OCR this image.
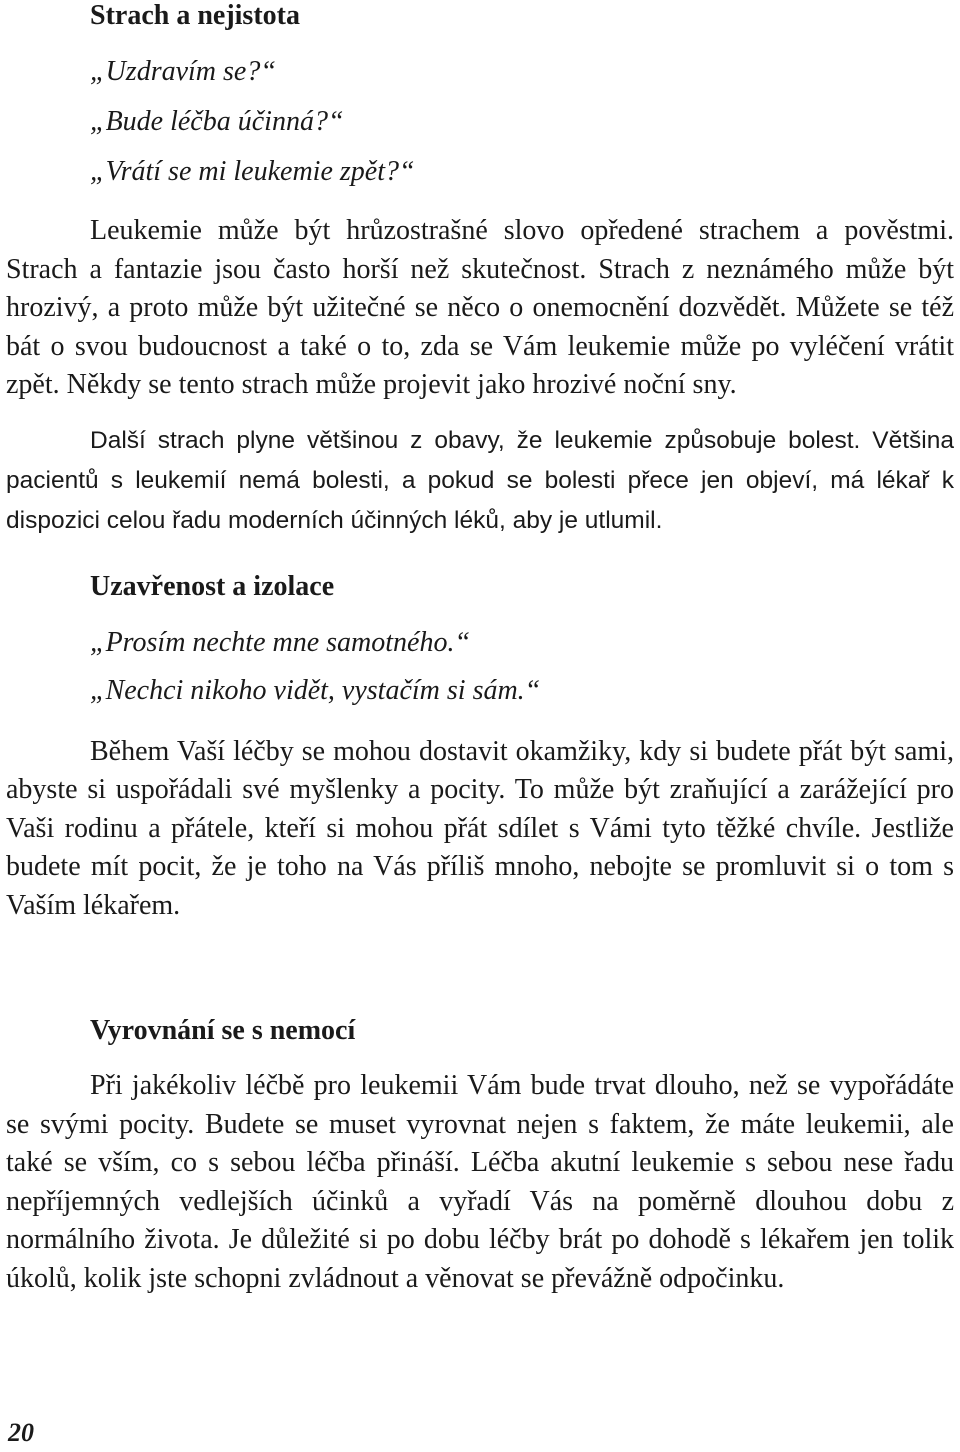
Strach a nejistota

„Uzdravím se?“

„Bude léčba účinná?“

„Vrátí se mi leukemie zpět?“

Leukemie může být hrůzostrašné slovo opředené strachem a pověstmi. Strach a fantazie jsou často horší než skutečnost. Strach z neznámého může být hrozivý, a proto může být užitečné se něco o onemocnění dozvědět. Můžete se též bát o svou budoucnost a také o to, zda se Vám leukemie může po vyléčení vrátit zpět. Někdy se tento strach může projevit jako hrozivé noční sny.

Další strach plyne většinou z obavy, že leukemie způsobuje bolest. Většina pacientů s leukemií nemá bolesti, a pokud se bolesti přece jen objeví, má lékař k dispozici celou řadu moderních účinných léků, aby je utlumil.

Uzavřenost a izolace

„Prosím nechte mne samotného.“

„Nechci nikoho vidět, vystačím si sám.“

Během Vaší léčby se mohou dostavit okamžiky, kdy si budete přát být sami, abyste si uspořádali své myšlenky a pocity. To může být zraňující a zarážející pro Vaši rodinu a přátele, kteří si mohou přát sdílet s Vámi tyto těžké chvíle. Jestliže budete mít pocit, že je toho na Vás příliš mnoho, nebojte se promluvit si o tom s Vaším lékařem.

Vyrovnání se s nemocí

Při jakékoliv léčbě pro leukemii Vám bude trvat dlouho, než se vypořádáte se svými pocity. Budete se muset vyrovnat nejen s faktem, že máte leukemii, ale také se vším, co s sebou léčba přináší. Léčba akutní leukemie s sebou nese řadu nepříjemných vedlejších účinků a vyřadí Vás na poměrně dlouhou dobu z normálního života. Je důležité si po dobu léčby brát po dohodě s lékařem jen tolik úkolů, kolik jste schopni zvládnout a věnovat se převážně odpočinku.

20
